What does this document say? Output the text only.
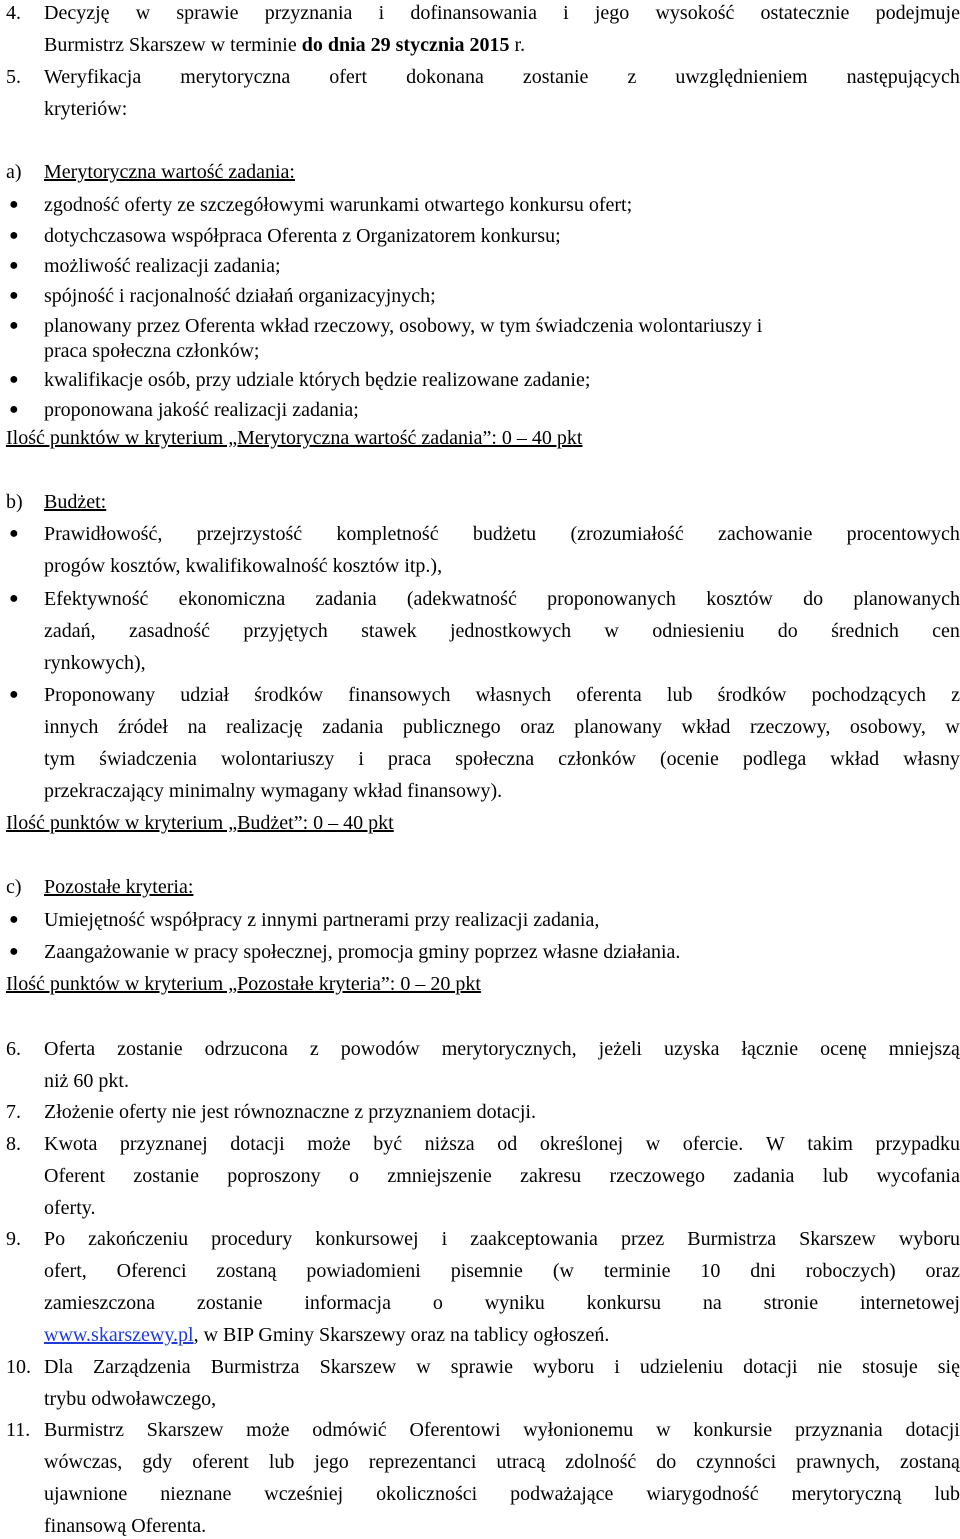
4. Decyzję w sprawie przyznania i dofinansowania i jego wysokość ostatecznie podejmuje
Burmistrz Skarszew w terminie do dnia 29 stycznia 2015 r.
5. Weryfikacja merytoryczna ofert dokonana zostanie z uwzględnieniem następujących
kryteriów:
a) Merytoryczna wartość zadania:
● zgodność oferty ze szczegółowymi warunkami otwartego konkursu ofert;
● dotychczasowa współpraca Oferenta z Organizatorem konkursu;
● możliwość realizacji zadania;
● spójność i racjonalność działań organizacyjnych;
● planowany przez Oferenta wkład rzeczowy, osobowy, w tym świadczenia wolontariuszy i
praca społeczna członków;
● kwalifikacje osób, przy udziale których będzie realizowane zadanie;
● proponowana jakość realizacji zadania;
Ilość punktów w kryterium „Merytoryczna wartość zadania”: 0 – 40 pkt
b) Budżet:
● Prawidłowość, przejrzystość kompletność budżetu (zrozumiałość zachowanie procentowych
progów kosztów, kwalifikowalność kosztów itp.),
● Efektywność ekonomiczna zadania (adekwatność proponowanych kosztów do planowanych
zadań, zasadność przyjętych stawek jednostkowych w odniesieniu do średnich cen
rynkowych),
● Proponowany udział środków finansowych własnych oferenta lub środków pochodzących z
innych źródeł na realizację zadania publicznego oraz planowany wkład rzeczowy, osobowy, w
tym świadczenia wolontariuszy i praca społeczna członków (ocenie podlega wkład własny
przekraczający minimalny wymagany wkład finansowy).
Ilość punktów w kryterium „Budżet”: 0 – 40 pkt
c) Pozostałe kryteria:
● Umiejętność współpracy z innymi partnerami przy realizacji zadania,
● Zaangażowanie w pracy społecznej, promocja gminy poprzez własne działania.
Ilość punktów w kryterium „Pozostałe kryteria”: 0 – 20 pkt
6. Oferta zostanie odrzucona z powodów merytorycznych, jeżeli uzyska łącznie ocenę mniejszą
niż 60 pkt.
7. Złożenie oferty nie jest równoznaczne z przyznaniem dotacji.
8. Kwota przyznanej dotacji może być niższa od określonej w ofercie. W takim przypadku
Oferent zostanie poproszony o zmniejszenie zakresu rzeczowego zadania lub wycofania
oferty.
9. Po zakończeniu procedury konkursowej i zaakceptowania przez Burmistrza Skarszew wyboru
ofert, Oferenci zostaną powiadomieni pisemnie (w terminie 10 dni roboczych) oraz
zamieszczona zostanie informacja o wyniku konkursu na stronie internetowej
www.skarszewy.pl, w BIP Gminy Skarszewy oraz na tablicy ogłoszeń.
10. Dla Zarządzenia Burmistrza Skarszew w sprawie wyboru i udzieleniu dotacji nie stosuje się
trybu odwoławczego,
11. Burmistrz Skarszew może odmówić Oferentowi wyłonionemu w konkursie przyznania dotacji
wówczas, gdy oferent lub jego reprezentanci utracą zdolność do czynności prawnych, zostaną
ujawnione nieznane wcześniej okoliczności podważające wiarygodność merytoryczną lub
finansową Oferenta.
